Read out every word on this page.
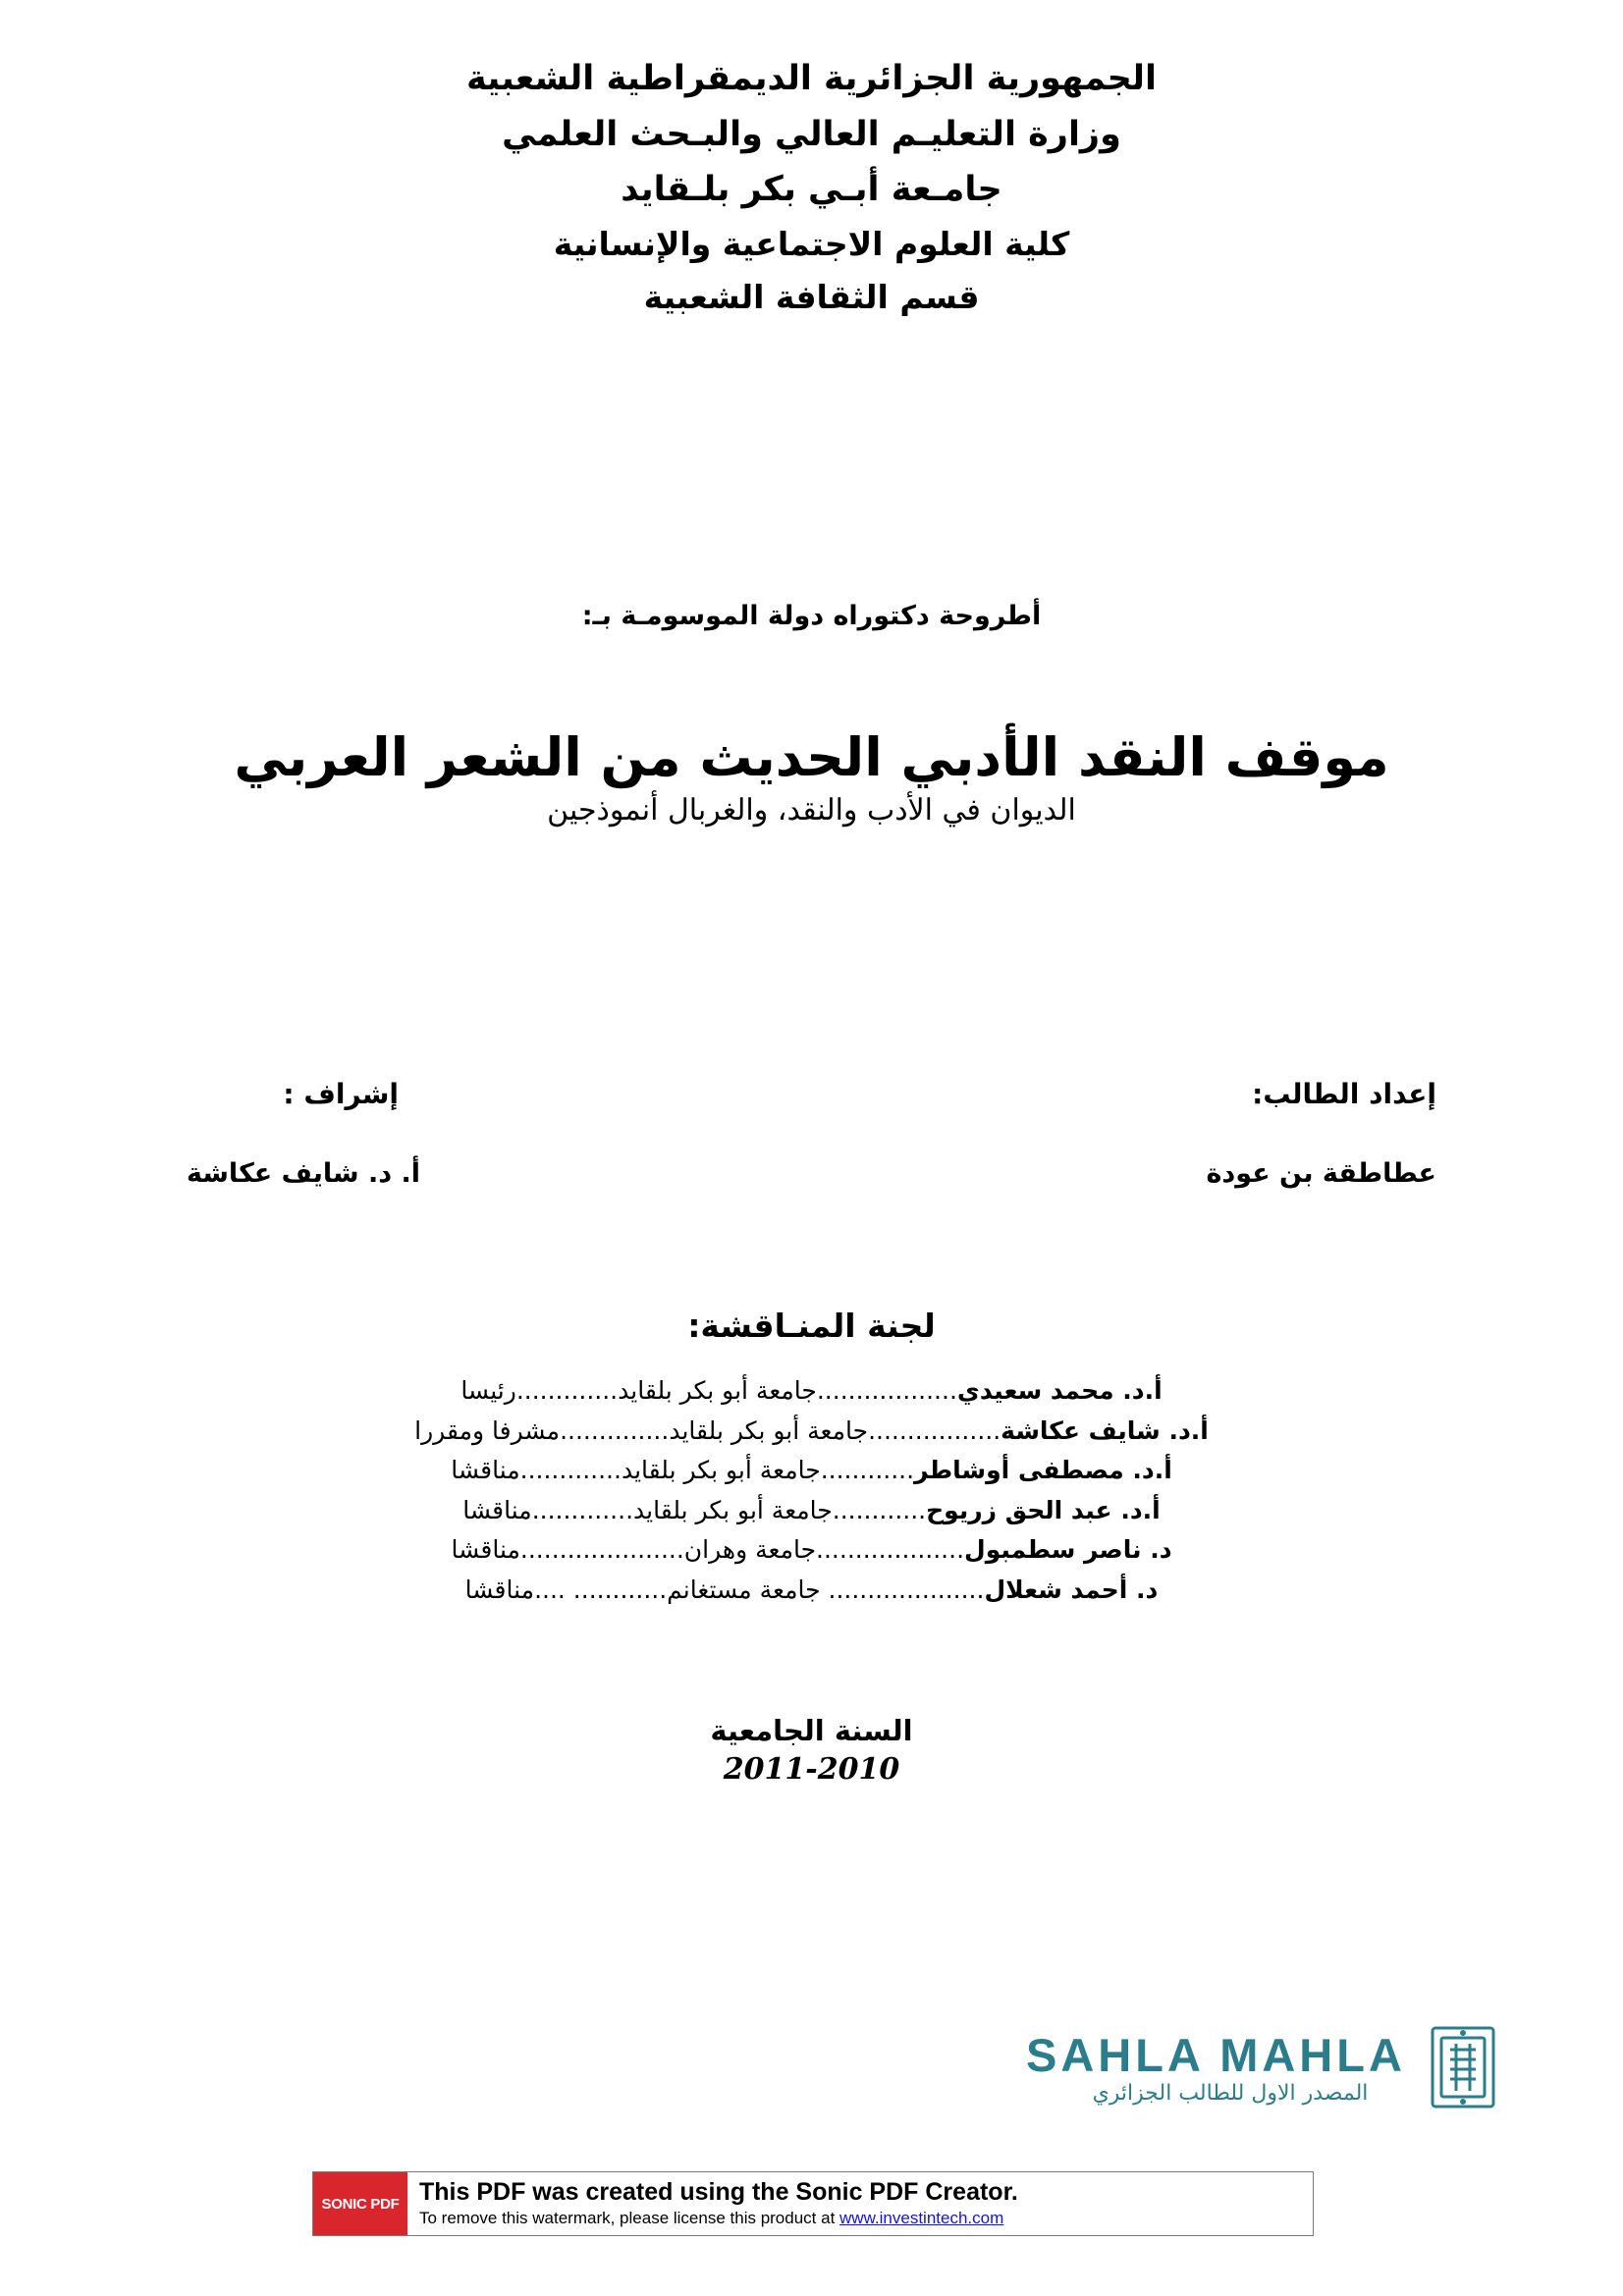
الجمهورية الجزائرية الديمقراطية الشعبية
وزارة التعليـم العالي والبـحث العلمي
جامـعة أبـي بكر بلـقايد
كلية العلوم الاجتماعية والإنسانية
قسم الثقافة الشعبية
أطروحة دكتوراه دولة الموسومـة بـ:
موقف النقد الأدبي الحديث من الشعر العربي
الديوان في الأدب والنقد، والغربال أنموذجين
إعداد الطالب:
عطاطقة بن عودة
إشراف :
أ. د. شايف عكاشة
لجنة المنـاقشة:
أ.د. محمد سعيدي..................جامعة أبو بكر بلقايد.............رئيسا
أ.د. شايف عكاشة.................جامعة أبو بكر بلقايد..............مشرفا ومقررا
أ.د. مصطفى أوشاطر............جامعة أبو بكر بلقايد.............مناقشا
أ.د. عبد الحق زريوح............جامعة أبو بكر بلقايد.............مناقشا
د. ناصر سطمبول...................جامعة وهران.....................مناقشا
د. أحمد شعلال.................... جامعة مستغانم............ ....مناقشا
السنة الجامعية
2011-2010
SAHLA MAHLA
المصدر الاول للطالب الجزائري
SONIC PDF This PDF was created using the Sonic PDF Creator.
To remove this watermark, please license this product at www.investintech.com
